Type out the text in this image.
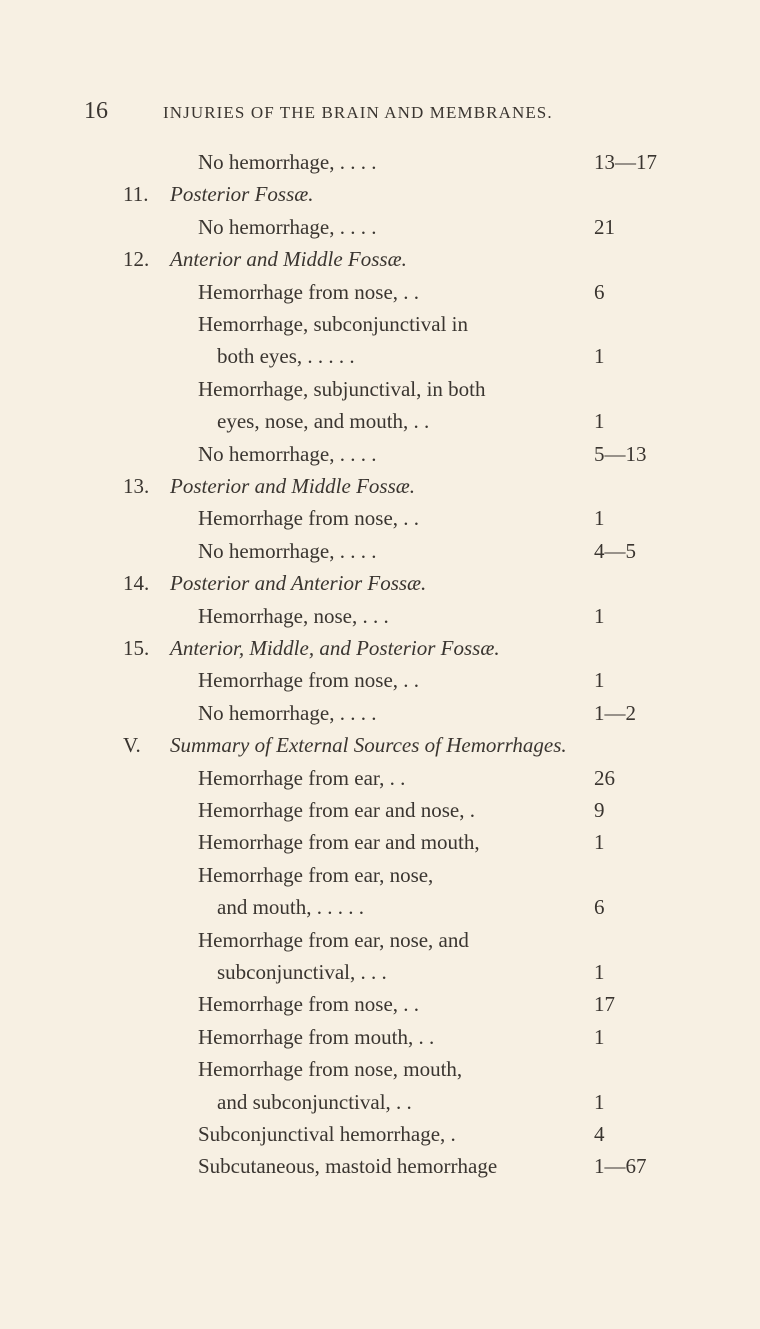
16	INJURIES OF THE BRAIN AND MEMBRANES.
No hemorrhage, . . . .	13—17
11. Posterior Fossæ.
No hemorrhage, . . . .	21
12. Anterior and Middle Fossæ.
Hemorrhage from nose, . .	6
Hemorrhage, subconjunctival in
both eyes, . . . . .	1
Hemorrhage, subjunctival, in both
eyes, nose, and mouth, . .	1
No hemorrhage, . . . .	5—13
13. Posterior and Middle Fossæ.
Hemorrhage from nose, . .	1
No hemorrhage, . . . .	4—5
14. Posterior and Anterior Fossæ.
Hemorrhage, nose, . . .	1
15. Anterior, Middle, and Posterior Fossæ.
Hemorrhage from nose, . .	1
No hemorrhage, . . . .	1—2
V. Summary of External Sources of Hemorrhages.
Hemorrhage from ear, . .	26
Hemorrhage from ear and nose, .	9
Hemorrhage from ear and mouth,	1
Hemorrhage from ear, nose,
and mouth, . . . . .	6
Hemorrhage from ear, nose, and
subconjunctival, . . .	1
Hemorrhage from nose, . .	17
Hemorrhage from mouth, . .	1
Hemorrhage from nose, mouth,
and subconjunctival, . .	1
Subconjunctival hemorrhage, .	4
Subcutaneous, mastoid hemorrhage	1—67
